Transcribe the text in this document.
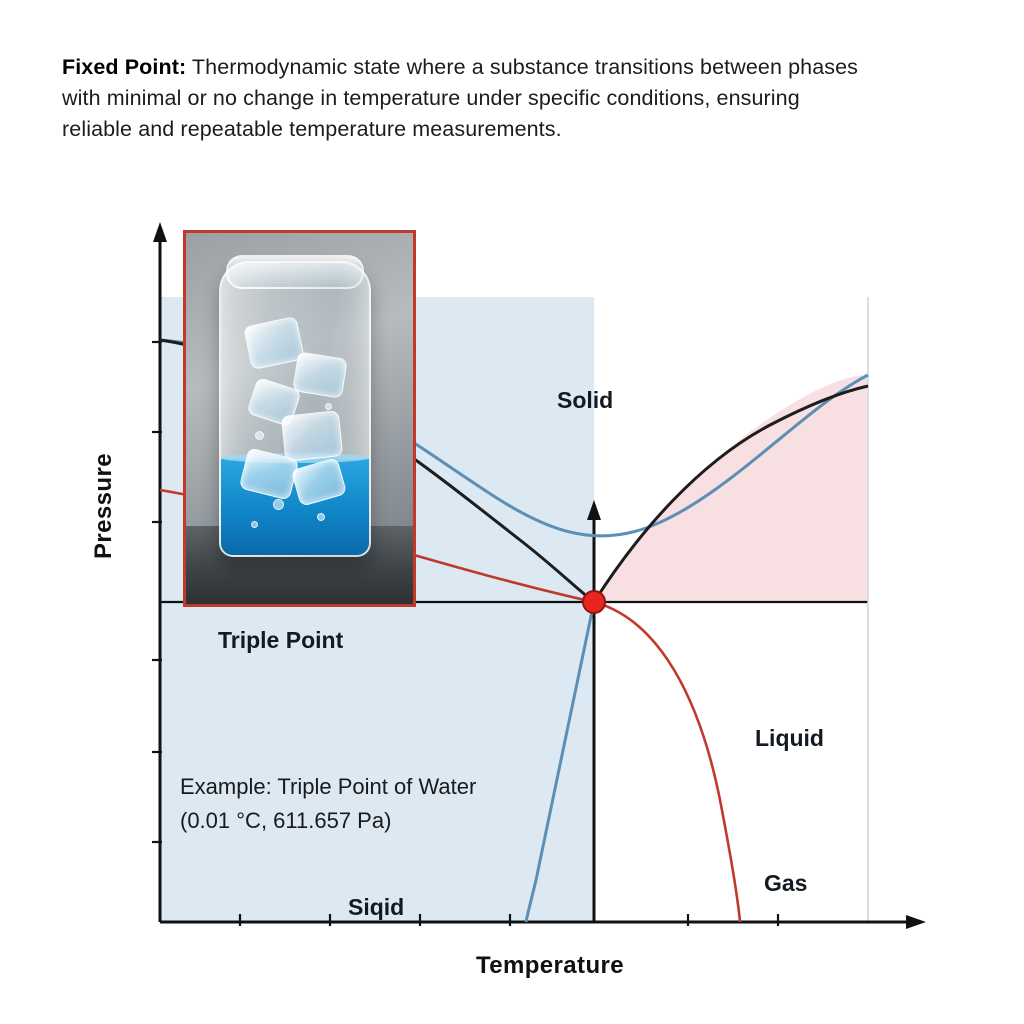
Fixed Point: Thermodynamic state where a substance transitions between phases with minimal or no change in temperature under specific conditions, ensuring reliable and repeatable temperature measurements.

Pressure
Temperature
Solid
Liquid
Gas
Siqid
Triple Point
Example: Triple Point of Water
(0.01 °C, 611.657 Pa)
